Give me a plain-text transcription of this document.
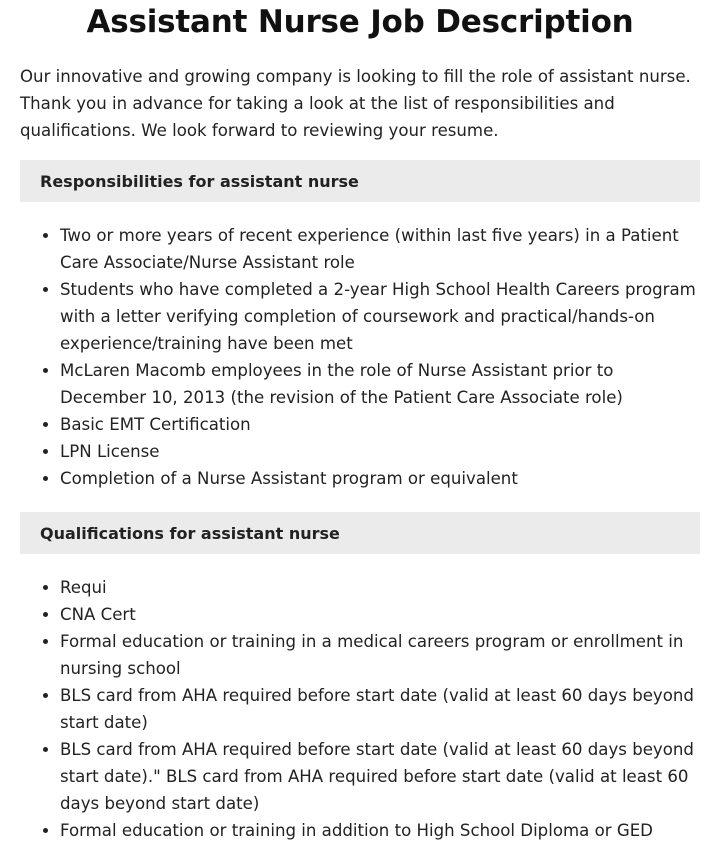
Assistant Nurse Job Description

Our innovative and growing company is looking to fill the role of assistant nurse. Thank you in advance for taking a look at the list of responsibilities and qualifications. We look forward to reviewing your resume.

Responsibilities for assistant nurse
Two or more years of recent experience (within last five years) in a Patient Care Associate/Nurse Assistant role
Students who have completed a 2-year High School Health Careers program with a letter verifying completion of coursework and practical/hands-on experience/training have been met
McLaren Macomb employees in the role of Nurse Assistant prior to December 10, 2013 (the revision of the Patient Care Associate role)
Basic EMT Certification
LPN License
Completion of a Nurse Assistant program or equivalent
Qualifications for assistant nurse
Requi
CNA Cert
Formal education or training in a medical careers program or enrollment in nursing school
BLS card from AHA required before start date (valid at least 60 days beyond start date)
BLS card from AHA required before start date (valid at least 60 days beyond start date)." BLS card from AHA required before start date (valid at least 60 days beyond start date)
Formal education or training in addition to High School Diploma or GED
